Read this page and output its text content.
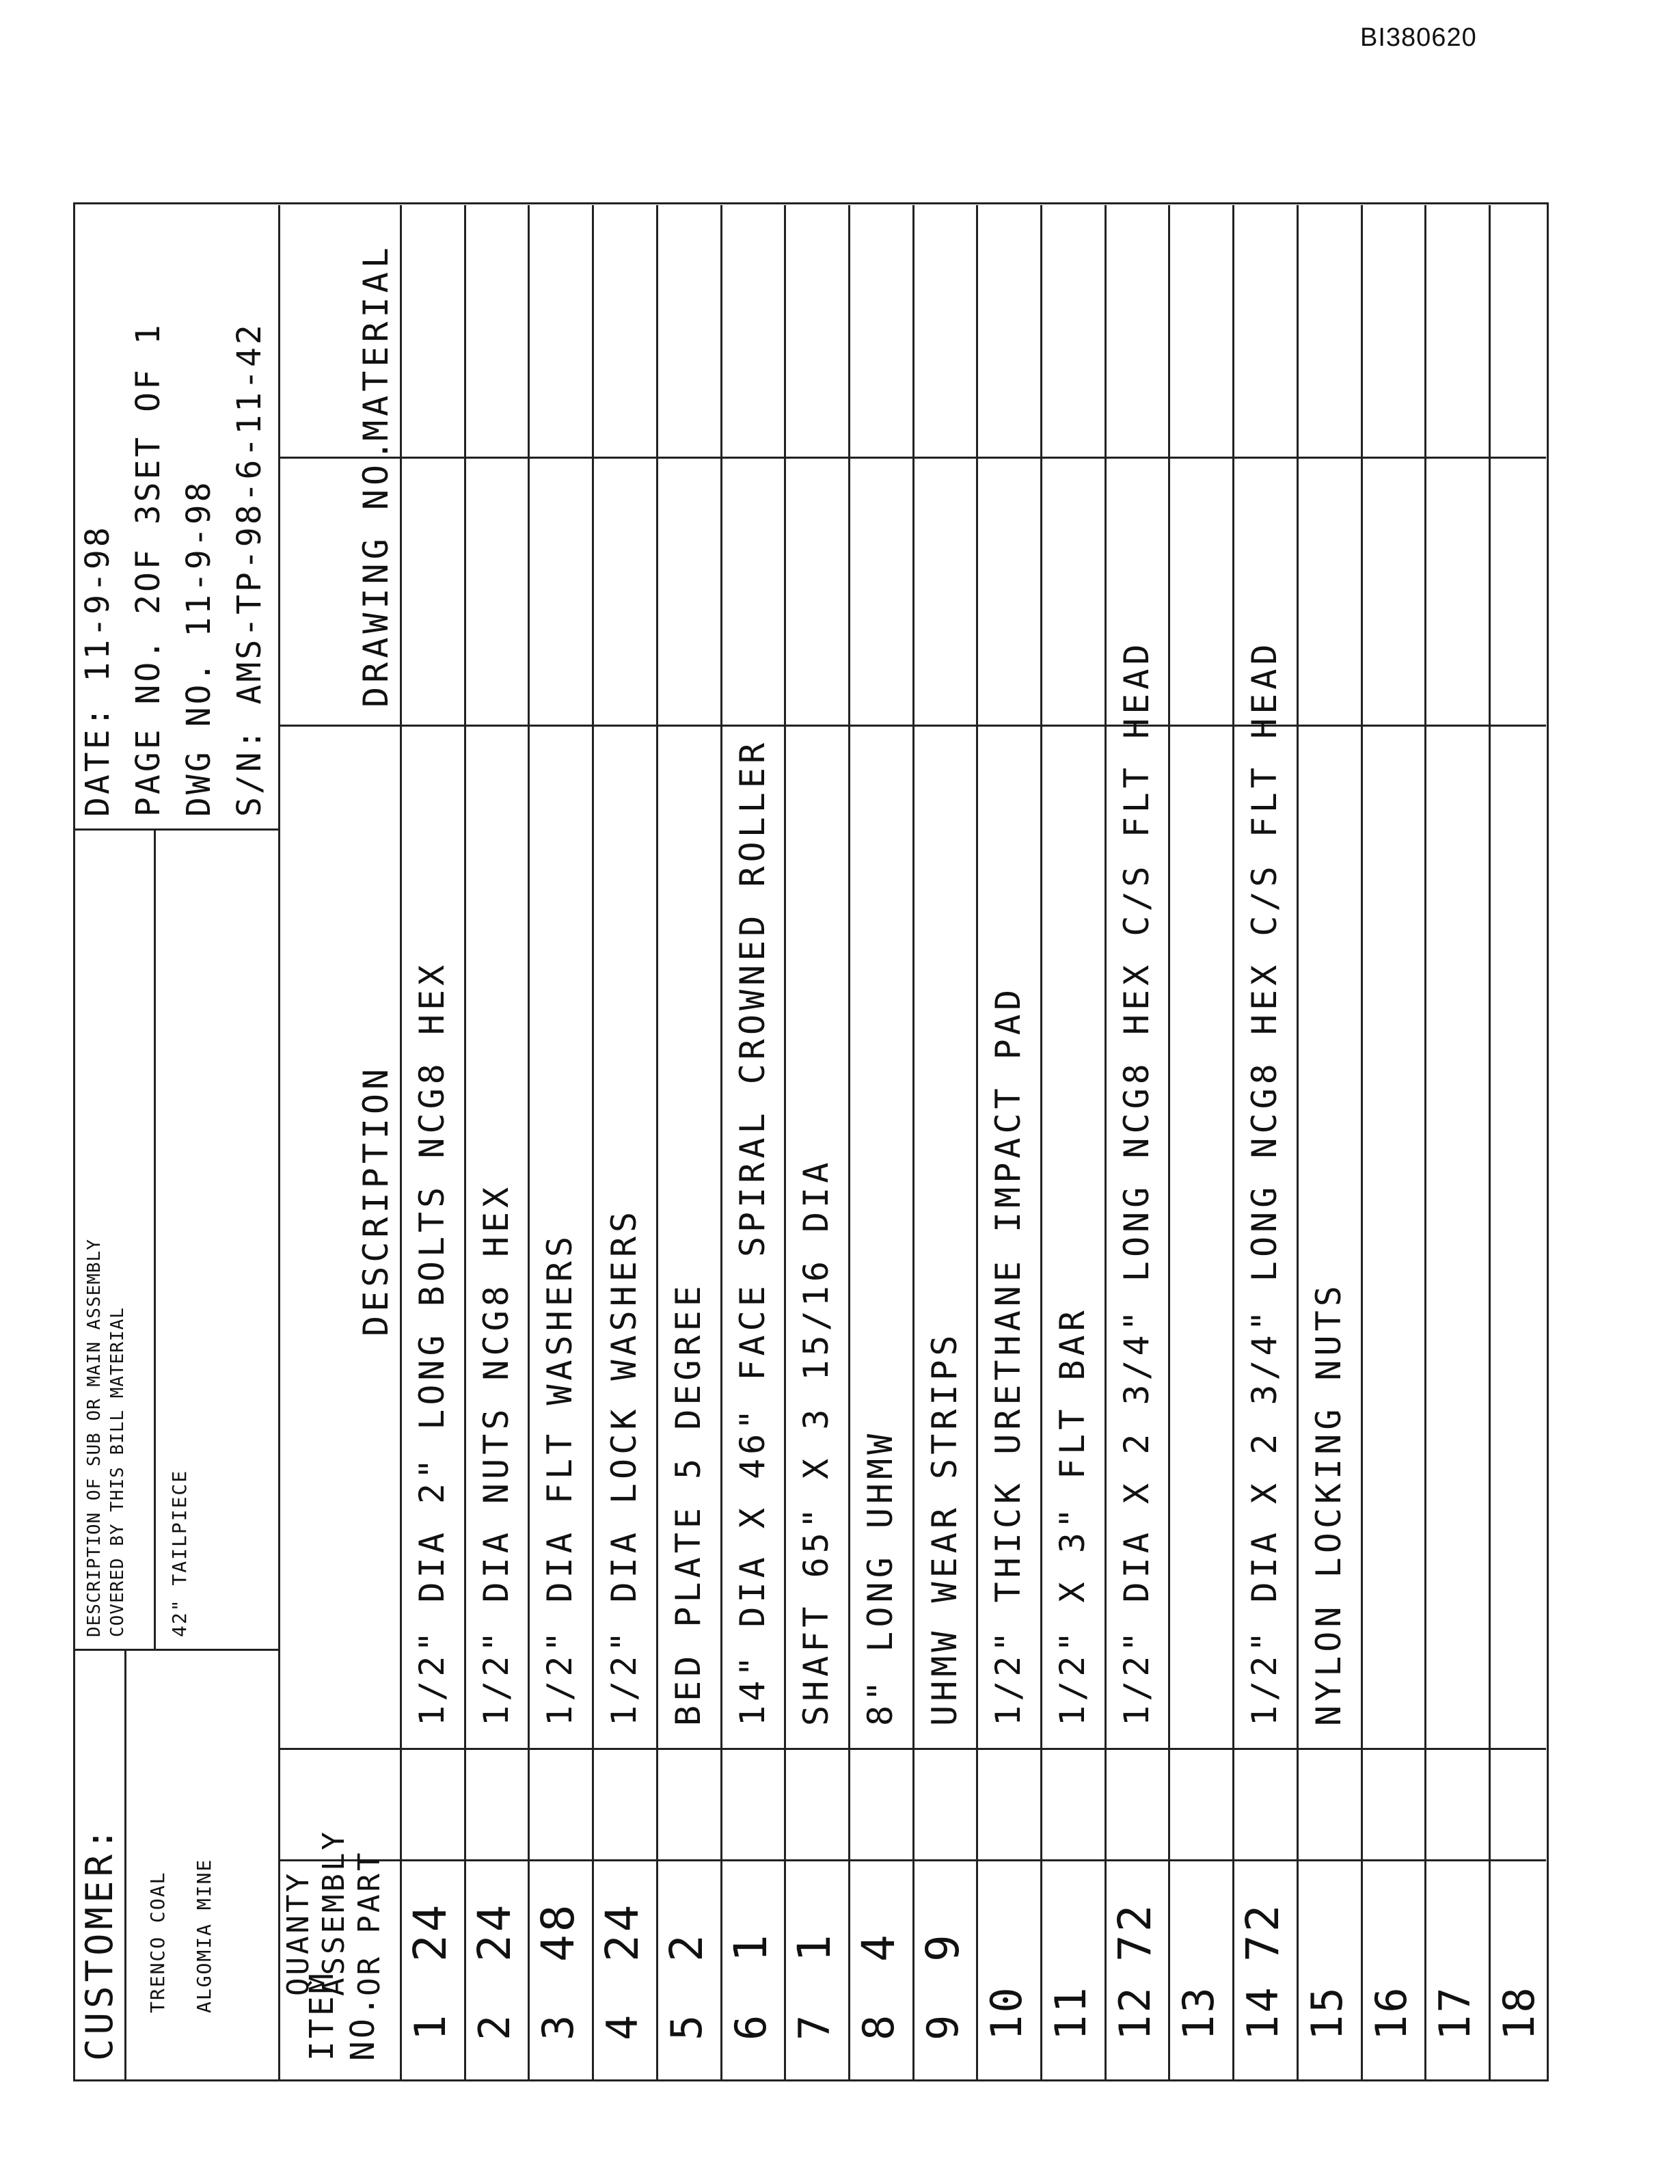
BI380620
CUSTOMER: TRENCO COAL ALGOMIA MINE
DESCRIPTION OF SUB OR MAIN ASSEMBLY COVERED BY THIS BILL MATERIAL 42" TAILPIECE
DATE: 11-9-98 PAGE NO. 2OF 3SET OF 1 DWG NO. 11-9-98 S/N: AMS-TP-98-6-11-42
ITEM NO.
QUANTY ASSEMBLY OR PART
DESCRIPTION
DRAWING NO.
MATERIAL
1
24
1/2" DIA 2" LONG BOLTS NCG8 HEX
2
24
1/2" DIA NUTS NCG8 HEX
3
48
1/2" DIA FLT WASHERS
4
24
1/2" DIA LOCK WASHERS
5
2
BED PLATE 5 DEGREE
6
1
14" DIA X 46" FACE SPIRAL CROWNED ROLLER
7
1
SHAFT 65" X 3 15/16 DIA
8
4
8" LONG UHMW
9
9
UHMW WEAR STRIPS
10
1/2" THICK URETHANE IMPACT PAD
11
1/2" X 3" FLT BAR
12
72
1/2" DIA X 2 3/4" LONG NCG8 HEX C/S FLT HEAD
13 14
72
1/2" DIA X 2 3/4" LONG NCG8 HEX C/S FLT HEAD
15
NYLON LOCKING NUTS
16 17 18
